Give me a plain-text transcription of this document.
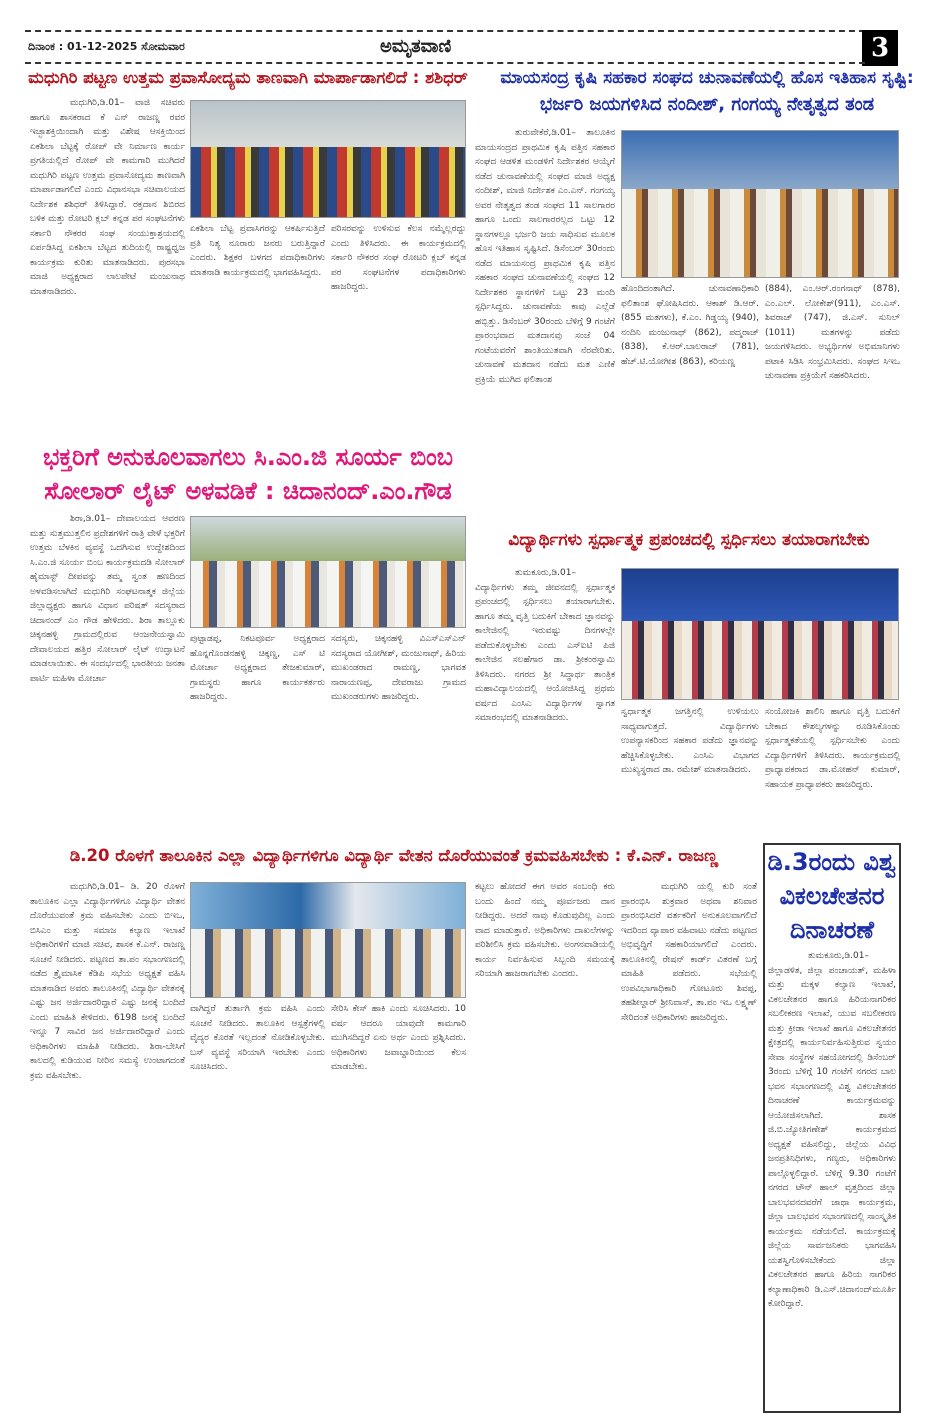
ದಿನಾಂಕ : 01-12-2025 ಸೋಮವಾರ	ಅಮೃತವಾಣಿ	3
ಮಧುಗಿರಿ ಪಟ್ಟಣ ಉತ್ತಮ ಪ್ರವಾಸೋದ್ಯಮ ತಾಣವಾಗಿ ಮಾರ್ಪಾಡಾಗಲಿದೆ : ಶಶಿಧರ್
ಮಧುಗಿರಿ,ಡಿ.01– ವಾಜಿ ಸಚಿವರು ಹಾಗೂ ಶಾಸಕರಾದ ಕೆ ಎನ್ ರಾಜಣ್ಣ ರವರ ಇಚ್ಛಾಶಕ್ತಿಯಿಂದಾಗಿ ಮತ್ತು ವಿಶೇಷ ಆಸಕ್ತಿಯಿಂದ ಏಕಶಿಲಾ ಬೆಟ್ಟಕ್ಕೆ ರೋಪ್ ವೇ ನಿರ್ಮಾಣ ಕಾರ್ಯ ಪ್ರಗತಿಯಲ್ಲಿದೆ ರೋಪ್ ವೇ ಕಾಮಗಾರಿ ಮುಗಿದರೆ ಮಧುಗಿರಿ ಪಟ್ಟಣ ಉತ್ತಮ ಪ್ರವಾಸೋದ್ಯಮ ತಾಣವಾಗಿ ಮಾರ್ಪಾಡಾಗಲಿದೆ ಎಂದು ವಿಧಾನಸಭಾ ಸಚಿವಾಲಯದ ನಿರ್ದೇಶಕ ಶಶಿಧರ್ ತಿಳಿಸಿದ್ದಾರೆ. ರಕ್ತದಾನ ಶಿಬಿರದ ಬಳಿಕ ಮತ್ತು ರೋಟರಿ ಕ್ಲಬ್ ಕನ್ನಡ ಪರ ಸಂಘಟನೆಗಳು ಸರ್ಕಾರಿ ನೌಕರರ ಸಂಘ ಸಂಯುಕ್ತಾಶ್ರಯದಲ್ಲಿ ಏರ್ಪಡಿಸಿದ್ದ ಏಕಶಿಲಾ ಬೆಟ್ಟದ ತುದಿಯಲ್ಲಿ ರಾಷ್ಟ್ರಧ್ವಜ ಕಾರ್ಯಕ್ರಮ ಕುರಿತು ಮಾತನಾಡಿದರು. ಪುರಸಭಾ ಮಾಜಿ ಅಧ್ಯಕ್ಷರಾದ ಲಾಲಪೇಟೆ ಮಂಜುನಾಥ ಮಾತನಾಡಿದರು.
ಏಕಶಿಲಾ ಬೆಟ್ಟ ಪ್ರವಾಸಿಗರನ್ನು ಆಕರ್ಷಿಸುತ್ತಿದೆ ಪ್ರತಿ ನಿತ್ಯ ನೂರಾರು ಜನರು ಬರುತ್ತಿದ್ದಾರೆ ಎಂದರು. ಶಿಕ್ಷಕರ ಬಳಗದ ಪದಾಧಿಕಾರಿಗಳು ಮಾತನಾಡಿ ಕಾರ್ಯಕ್ರಮದಲ್ಲಿ ಭಾಗವಹಿಸಿದ್ದರು.
ಪರಿಸರವನ್ನು ಉಳಿಸುವ ಕೆಲಸ ನಮ್ಮೆಲ್ಲರದ್ದು ಎಂದು ತಿಳಿಸಿದರು. ಈ ಕಾರ್ಯಕ್ರಮದಲ್ಲಿ ಸರ್ಕಾರಿ ನೌಕರರ ಸಂಘ ರೋಟರಿ ಕ್ಲಬ್ ಕನ್ನಡ ಪರ ಸಂಘಟನೆಗಳ ಪದಾಧಿಕಾರಿಗಳು ಹಾಜರಿದ್ದರು.
ಮಾಯಸಂದ್ರ ಕೃಷಿ ಸಹಕಾರ ಸಂಘದ ಚುನಾವಣೆಯಲ್ಲಿ ಹೊಸ ಇತಿಹಾಸ ಸೃಷ್ಟಿ:
ಭರ್ಜರಿ ಜಯಗಳಿಸಿದ ನಂದೀಶ್, ಗಂಗಯ್ಯ ನೇತೃತ್ವದ ತಂಡ
ತುರುವೇಕೆರೆ,ಡಿ.01– ತಾಲೂಕಿನ ಮಾಯಸಂದ್ರದ ಪ್ರಾಥಮಿಕ ಕೃಷಿ ಪತ್ತಿನ ಸಹಕಾರ ಸಂಘದ ಆಡಳಿತ ಮಂಡಳಿಗೆ ನಿರ್ದೇಶಕರ ಆಯ್ಕೆಗೆ ನಡೆದ ಚುನಾವಣೆಯಲ್ಲಿ ಸಂಘದ ಮಾಜಿ ಅಧ್ಯಕ್ಷ ನಂದೀಶ್, ಮಾಜಿ ನಿರ್ದೇಶಕ ಎಂ.ಎನ್. ಗಂಗಯ್ಯ ಅವರ ನೇತೃತ್ವದ ತಂಡ ಸಂಘದ 11 ಸಾಲಗಾರರ ಹಾಗೂ ಒಂದು ಸಾಲಗಾರರಲ್ಲದ ಒಟ್ಟು 12 ಸ್ಥಾನಗಳಲ್ಲೂ ಭರ್ಜರಿ ಜಯ ಸಾಧಿಸುವ ಮೂಲಕ ಹೊಸ ಇತಿಹಾಸ ಸೃಷ್ಟಿಸಿದೆ. ಡಿಸೆಂಬರ್ 30ರಂದು ನಡೆದ ಮಾಯಸಂದ್ರ ಪ್ರಾಥಮಿಕ ಕೃಷಿ ಪತ್ತಿನ ಸಹಕಾರ ಸಂಘದ ಚುನಾವಣೆಯಲ್ಲಿ ಸಂಘದ 12 ನಿರ್ದೇಶಕರ ಸ್ಥಾನಗಳಿಗೆ ಒಟ್ಟು 23 ಮಂದಿ ಸ್ಪರ್ಧಿಸಿದ್ದರು. ಚುನಾವಣೆಯ ಕಾವು ಎಲ್ಲೆಡೆ ಹಬ್ಬಿತ್ತು. ಡಿಸೆಂಬರ್ 30ರಂದು ಬೆಳಿಗ್ಗೆ 9 ಗಂಟೆಗೆ ಪ್ರಾರಂಭವಾದ ಮತದಾನವು ಸಂಜೆ 04 ಗಂಟೆಯವರೆಗೆ ಶಾಂತಿಯುತವಾಗಿ ನೆರವೇರಿತು. ಚುನಾವಣೆ ಮತದಾನ ನಡೆದು ಮತ ಎಣಿಕೆ ಪ್ರಕ್ರಿಯೆ ಮುಗಿದ ಫಲಿತಾಂಶ
ಹೊಂದಿದಂತಾಗಿದೆ. ಚುನಾವಣಾಧಿಕಾರಿ ಫಲಿತಾಂಶ ಘೋಷಿಸಿದರು. ಆಕಾಶ್ ಡಿ.ಆರ್. (855 ಮತಗಳು), ಕೆ.ಎಂ. ಗಿಡ್ಡಯ್ಯ (940), ನಂದಿನಿ ಮಂಜುನಾಥ್ (862), ಪದ್ಮರಾಜ್ (838), ಕೆ.ಆರ್.ಬಾಲರಾಜ್ (781), ಹೆಚ್.ಟಿ.ಯೋಗೀಶ (863), ಕರಿಯಣ್ಣ
(884), ಎಂ.ಆರ್.ರಂಗನಾಥ್ (878), ಎಂ.ಎಲ್. ಲೋಕೇಶ್(911), ಎಂ.ಎಸ್. ಶಿವರಾಜ್ (747), ಜಿ.ಎಸ್. ಸುನಿಲ್ (1011) ಮತಗಳನ್ನು ಪಡೆದು ಜಯಗಳಿಸಿದರು. ಅಭ್ಯರ್ಥಿಗಳ ಅಭಿಮಾನಿಗಳು ಪಟಾಕಿ ಸಿಡಿಸಿ ಸಂಭ್ರಮಿಸಿದರು. ಸಂಘದ ಸಿಇಒ ಚುನಾವಣಾ ಪ್ರಕ್ರಿಯೆಗೆ ಸಹಕರಿಸಿದರು.
ಭಕ್ತರಿಗೆ ಅನುಕೂಲವಾಗಲು ಸಿ.ಎಂ.ಜಿ ಸೂರ್ಯ ಬಿಂಬ
ಸೋಲಾರ್ ಲೈಟ್ ಅಳವಡಿಕೆ : ಚಿದಾನಂದ್.ಎಂ.ಗೌಡ
ಶಿರಾ,ಡಿ.01– ದೇವಾಲಯದ ಆವರಣ ಮತ್ತು ಸುತ್ತಮುತ್ತಲಿನ ಪ್ರದೇಶಗಳಿಗೆ ರಾತ್ರಿ ವೇಳೆ ಭಕ್ತರಿಗೆ ಉತ್ತಮ ಬೆಳಕಿನ ವ್ಯವಸ್ಥೆ ಒದಗಿಸುವ ಉದ್ದೇಶದಿಂದ ಸಿ.ಎಂ.ಜಿ ಸೂರ್ಯ ಬಿಂಬ ಕಾರ್ಯಕ್ರಮದಡಿ ಸೋಲಾರ್ ಹೈಮಾಸ್ಟ್ ದೀಪವನ್ನು ತಮ್ಮ ಸ್ವಂತ ಹಣದಿಂದ ಅಳವಡಿಸಲಾಗಿದೆ ಮಧುಗಿರಿ ಸಂಘಟನಾತ್ಮಕ ಜಿಲ್ಲೆಯ ಜಿಲ್ಲಾಧ್ಯಕ್ಷರು ಹಾಗೂ ವಿಧಾನ ಪರಿಷತ್ ಸದಸ್ಯರಾದ ಚಿದಾನಂದ್ ಎಂ ಗೌಡ ಹೇಳಿದರು. ಶಿರಾ ತಾಲ್ಲೂಕು ಚಿಕ್ಕನಹಳ್ಳಿ ಗ್ರಾಮದಲ್ಲಿರುವ ಆಂಜನೇಯಸ್ವಾಮಿ ದೇವಾಲಯದ ಹತ್ತಿರ ಸೋಲಾರ್ ಲೈಟ್ ಉದ್ಘಾಟನೆ ಮಾಡಲಾಯಿತು. ಈ ಸಂದರ್ಭದಲ್ಲಿ ಭಾರತೀಯ ಜನತಾ ಪಾರ್ಟಿ ಮಹಿಳಾ ಮೋರ್ಚಾ
ಪುಟ್ಟಾಡಪ್ಪ, ನಿಕಟಪೂರ್ವ ಅಧ್ಯಕ್ಷರಾದ ಹೊನ್ನಗೊಂಡನಹಳ್ಳಿ ಚಿಕ್ಕಣ್ಣ, ಎಸ್ ಟಿ ಮೋರ್ಚಾ ಅಧ್ಯಕ್ಷರಾದ ತೇಜಕುಮಾರ್, ಗ್ರಾಮಸ್ಥರು ಹಾಗೂ ಕಾರ್ಯಕರ್ತರು ಹಾಜರಿದ್ದರು.
ಸದಸ್ಯರು, ಚಿಕ್ಕನಹಳ್ಳಿ ವಿಎಸ್ಎಸ್ಎನ್ ಸದಸ್ಯರಾದ ಯೋಗೀಶ್, ಮಂಜುನಾಥ್, ಹಿರಿಯ ಮುಖಂಡರಾದ ರಾಮಣ್ಣ, ಭಾಗವತ ನಾರಾಯಣಪ್ಪ, ದೇವರಾಜು ಗ್ರಾಮದ ಮುಖಂಡರುಗಳು ಹಾಜರಿದ್ದರು.
ವಿದ್ಯಾರ್ಥಿಗಳು ಸ್ಪರ್ಧಾತ್ಮಕ ಪ್ರಪಂಚದಲ್ಲಿ ಸ್ಪರ್ಧಿಸಲು ತಯಾರಾಗಬೇಕು
ತುಮಕೂರು,ಡಿ.01– ವಿದ್ಯಾರ್ಥಿಗಳು ತಮ್ಮ ಜೀವನದಲ್ಲಿ ಸ್ಪರ್ಧಾತ್ಮಕ ಪ್ರಪಂಚದಲ್ಲಿ ಸ್ಪರ್ಧಿಸಲು ತಯಾರಾಗಬೇಕು. ಹಾಗೂ ತಮ್ಮ ವೃತ್ತಿ ಬದುಕಿಗೆ ಬೇಕಾದ ಜ್ಞಾನವನ್ನು ಕಾಲೇಜಿನಲ್ಲಿ ಇರುವಷ್ಟು ದಿನಗಳಲ್ಲೇ ಪಡೆದುಕೊಳ್ಳಬೇಕು ಎಂದು ಎಸ್ಐಟಿ ಪಿಜಿ ಕಾಲೇಜಿನ ಸಲಹೆಗಾರ ಡಾ. ಶ್ರೀಕಂಠಸ್ವಾಮಿ ತಿಳಿಸಿದರು. ನಗರದ ಶ್ರೀ ಸಿದ್ಧಾರ್ಥ ತಾಂತ್ರಿಕ ಮಹಾವಿದ್ಯಾಲಯದಲ್ಲಿ ಆಯೋಜಿಸಿದ್ದ ಪ್ರಥಮ ವರ್ಷದ ಎಂಸಿಎ ವಿದ್ಯಾರ್ಥಿಗಳ ಸ್ವಾಗತ ಸಮಾರಂಭದಲ್ಲಿ ಮಾತನಾಡಿದರು.
ಸ್ವರ್ಧಾತ್ಮಕ ಜಗತ್ತಿನಲ್ಲಿ ಉಳಿಯಲು ಸಾಧ್ಯವಾಗುತ್ತದೆ. ವಿದ್ಯಾರ್ಥಿಗಳು ಉಪನ್ಯಾಸಕರಿಂದ ಸಹಕಾರ ಪಡೆದು ಜ್ಞಾನವನ್ನು ಹೆಚ್ಚಿಸಿಕೊಳ್ಳಬೇಕು. ಎಂಸಿಎ ವಿಭಾಗದ ಮುಖ್ಯಸ್ಥರಾದ ಡಾ. ರಮೇಶ್ ಮಾತನಾಡಿದರು.
ಸಂಯೋಜಕಿ ಶಾಲಿನಿ ಹಾಗೂ ವೃತ್ತಿ ಬದುಕಿಗೆ ಬೇಕಾದ ಕೌಶಲ್ಯಗಳನ್ನು ರೂಡಿಸಿಕೊಂಡು ಸ್ಪರ್ಧಾತ್ಮಕತೆಯಲ್ಲಿ ಸ್ಪರ್ಧಿಸಬೇಕು ಎಂದು ವಿದ್ಯಾರ್ಥಿಗಳಿಗೆ ತಿಳಿಸಿದರು. ಕಾರ್ಯಕ್ರಮದಲ್ಲಿ ಪ್ರಾಧ್ಯಾಪಕರಾದ ಡಾ.ಮೋಹನ್ ಕುಮಾರ್, ಸಹಾಯಕ ಪ್ರಾಧ್ಯಾಪಕರು ಹಾಜರಿದ್ದರು.
ಡಿ.20 ರೊಳಗೆ ತಾಲೂಕಿನ ಎಲ್ಲಾ ವಿದ್ಯಾರ್ಥಿಗಳಿಗೂ ವಿದ್ಯಾರ್ಥಿ ವೇತನ ದೊರೆಯುವಂತೆ ಕ್ರಮವಹಿಸಬೇಕು : ಕೆ.ಎನ್. ರಾಜಣ್ಣ
ಮಧುಗಿರಿ,ಡಿ.01– ಡಿ. 20 ರೊಳಗೆ ತಾಲೂಕಿನ ಎಲ್ಲಾ ವಿದ್ಯಾರ್ಥಿಗಳಿಗೂ ವಿದ್ಯಾರ್ಥಿ ವೇತನ ದೊರೆಯುವಂತೆ ಕ್ರಮ ವಹಿಸಬೇಕು ಎಂದು ಬಿಇಒ, ಬಿಸಿಎಂ ಮತ್ತು ಸಮಾಜ ಕಲ್ಯಾಣ ಇಲಾಖೆ ಅಧಿಕಾರಿಗಳಿಗೆ ಮಾಜಿ ಸಚಿವ, ಶಾಸಕ ಕೆ.ಎನ್. ರಾಜಣ್ಣ ಸೂಚನೆ ನೀಡಿದರು. ಪಟ್ಟಣದ ತಾ.ಪಂ ಸಭಾಂಗಣದಲ್ಲಿ ನಡೆದ ತ್ರೈಮಾಸಿಕ ಕೆಡಿಪಿ ಸಭೆಯ ಅಧ್ಯಕ್ಷತೆ ವಹಿಸಿ ಮಾತನಾಡಿದ ಅವರು ತಾಲೂಕಿನಲ್ಲಿ ವಿದ್ಯಾರ್ಥಿ ವೇತನಕ್ಕೆ ಎಷ್ಟು ಜನ ಅರ್ಜಿದಾರರಿದ್ದಾರೆ ಎಷ್ಟು ಜನಕ್ಕೆ ಬಂದಿದೆ ಎಂದು ಮಾಹಿತಿ ಕೇಳಿದರು. 6198 ಜನಕ್ಕೆ ಬಂದಿದೆ ಇನ್ನೂ 7 ಸಾವಿರ ಜನ ಅರ್ಜಿದಾರರಿದ್ದಾರೆ ಎಂದು ಅಧಿಕಾರಿಗಳು ಮಾಹಿತಿ ನೀಡಿದರು. ಶಿರಾ-ಬೇಸಿಗೆ ಕಾಲದಲ್ಲಿ ಕುಡಿಯುವ ನೀರಿನ ಸಮಸ್ಯೆ ಉಂಟಾಗದಂತೆ ಕ್ರಮ ವಹಿಸಬೇಕು.
ವಾಗಿದ್ದರೆ ತುರ್ತಾಗಿ ಕ್ರಮ ವಹಿಸಿ ಎಂದು ಸೂಚನೆ ನೀಡಿದರು. ತಾಲೂಕಿನ ಆಸ್ಪತ್ರೆಗಳಲ್ಲಿ ವೈದ್ಯರ ಕೊರತೆ ಇಲ್ಲದಂತೆ ನೋಡಿಕೊಳ್ಳಬೇಕು. ಬಸ್ ವ್ಯವಸ್ಥೆ ಸರಿಯಾಗಿ ಇರಬೇಕು ಎಂದು ಸೂಚಿಸಿದರು.
ಸೇರಿಸಿ ಕೇಸ್ ಹಾಕಿ ಎಂದು ಸೂಚಿಸಿದರು. 10 ವರ್ಷ ಆದರೂ ಯಾವುದೇ ಕಾಮಗಾರಿ ಮುಗಿಸದಿದ್ದರೆ ಏನು ಅರ್ಥ ಎಂದು ಪ್ರಶ್ನಿಸಿದರು. ಅಧಿಕಾರಿಗಳು ಜವಾಬ್ದಾರಿಯಿಂದ ಕೆಲಸ ಮಾಡಬೇಕು.
ಕಟ್ಟಲು ಹೋದರೆ ಈಗ ಅವರ ಸಂಬಂಧಿ ಕರು ಬಂದು ಹಿಂದೆ ನಮ್ಮ ಪೂರ್ವಜರು ದಾನ ನೀಡಿದ್ದರು. ಅದರೆ ನಾವು ಕೊಡುವುದಿಲ್ಲ ಎಂದು ವಾದ ಮಾಡುತ್ತಾರೆ. ಅಧಿಕಾರಿಗಳು ದಾಖಲೆಗಳನ್ನು ಪರಿಶೀಲಿಸಿ ಕ್ರಮ ವಹಿಸಬೇಕು. ಅಂಗನವಾಡಿಯಲ್ಲಿ ಕಾರ್ಯ ನಿರ್ವಹಿಸುವ ಸಿಬ್ಬಂದಿ ಸಮಯಕ್ಕೆ ಸರಿಯಾಗಿ ಹಾಜರಾಗಬೇಕು ಎಂದರು.
ಮಧುಗಿರಿ ಯಲ್ಲಿ ಕುರಿ ಸಂತೆ ಪ್ರಾರಂಭಿಸಿ ಶುಕ್ರವಾರ ಅಥವಾ ಶನಿವಾರ ಪ್ರಾರಂಭಿಸಿದರೆ ವರ್ತಕರಿಗೆ ಅನುಕೂಲವಾಗಲಿದೆ ಇದರಿಂದ ವ್ಯಾಪಾರ ವಹಿವಾಟು ನಡೆದು ಪಟ್ಟಣದ ಅಭಿವೃದ್ಧಿಗೆ ಸಹಕಾರಿಯಾಗಲಿದೆ ಎಂದರು. ತಾಲೂಕಿನಲ್ಲಿ ರೇಷನ್ ಕಾರ್ಡ್ ವಿತರಣೆ ಬಗ್ಗೆ ಮಾಹಿತಿ ಪಡೆದರು. ಸಭೆಯಲ್ಲಿ ಉಪವಿಭಾಗಾಧಿಕಾರಿ ಗೋಟೂರು ಶಿವಪ್ಪ, ತಹಶೀಲ್ದಾರ್ ಶ್ರೀನಿವಾಸ್, ತಾ.ಪಂ ಇಒ ಲಕ್ಷ್ಮಣ್ ಸೇರಿದಂತೆ ಅಧಿಕಾರಿಗಳು ಹಾಜರಿದ್ದರು.
ಡಿ.3ರಂದು ವಿಶ್ವ
ವಿಕಲಚೇತನರ
ದಿನಾಚರಣೆ
ತುಮಕೂರು,ಡಿ.01– ಜಿಲ್ಲಾಡಳಿತ, ಜಿಲ್ಲಾ ಪಂಚಾಯತ್, ಮಹಿಳಾ ಮತ್ತು ಮಕ್ಕಳ ಕಲ್ಯಾಣ ಇಲಾಖೆ, ವಿಕಲಚೇತನರ ಹಾಗೂ ಹಿರಿಯನಾಗರಿಕರ ಸಬಲೀಕರಣ ಇಲಾಖೆ, ಯುವ ಸಬಲೀಕರಣ ಮತ್ತು ಕ್ರೀಡಾ ಇಲಾಖೆ ಹಾಗೂ ವಿಕಲಚೇತನರ ಕ್ಷೇತ್ರದಲ್ಲಿ ಕಾರ್ಯನಿರ್ವಹಿಸುತ್ತಿರುವ ಸ್ವಯಂ ಸೇವಾ ಸಂಸ್ಥೆಗಳ ಸಹಯೋಗದಲ್ಲಿ ಡಿಸೆಂಬರ್ 3ರಂದು ಬೆಳಿಗ್ಗೆ 10 ಗಂಟೆಗೆ ನಗರದ ಬಾಲ ಭವನ ಸಭಾಂಗಣದಲ್ಲಿ ವಿಶ್ವ ವಿಕಲಚೇತನರ ದಿನಾಚರಣೆ ಕಾರ್ಯಕ್ರಮವನ್ನು ಆಯೋಜಿಸಲಾಗಿದೆ. ಶಾಸಕ ಜಿ.ಬಿ.ಜ್ಯೋತಿಗಣೇಶ್ ಕಾರ್ಯಕ್ರಮದ ಅಧ್ಯಕ್ಷತೆ ವಹಿಸಲಿದ್ದು, ಜಿಲ್ಲೆಯ ವಿವಿಧ ಜನಪ್ರತಿನಿಧಿಗಳು, ಗಣ್ಯರು, ಅಧಿಕಾರಿಗಳು ಪಾಲ್ಗೊಳ್ಳಲಿದ್ದಾರೆ. ಬೆಳಿಗ್ಗೆ 9.30 ಗಂಟೆಗೆ ನಗರದ ಟೌನ್ ಹಾಲ್ ವೃತ್ತದಿಂದ ಜಿಲ್ಲಾ ಬಾಲಭವನದವರೆಗೆ ಜಾಥಾ ಕಾರ್ಯಕ್ರಮ, ಜಿಲ್ಲಾ ಬಾಲಭವನ ಸಭಾಂಗಣದಲ್ಲಿ ಸಾಂಸ್ಕೃತಿಕ ಕಾರ್ಯಕ್ರಮ ನಡೆಯಲಿದೆ. ಕಾರ್ಯಕ್ರಮಕ್ಕೆ ಜಿಲ್ಲೆಯ ಸಾರ್ವಜನಿಕರು ಭಾಗವಹಿಸಿ ಯಶಸ್ವಿಗೊಳಿಸಬೇಕೆಂದು ಜಿಲ್ಲಾ ವಿಕಲಚೇತನರ ಹಾಗೂ ಹಿರಿಯ ನಾಗರಿಕರ ಕಲ್ಯಾಣಾಧಿಕಾರಿ ಡಿ.ಎಸ್.ಚಿದಾನಂದ್‌ಮೂರ್ತಿ ಕೋರಿದ್ದಾರೆ.
